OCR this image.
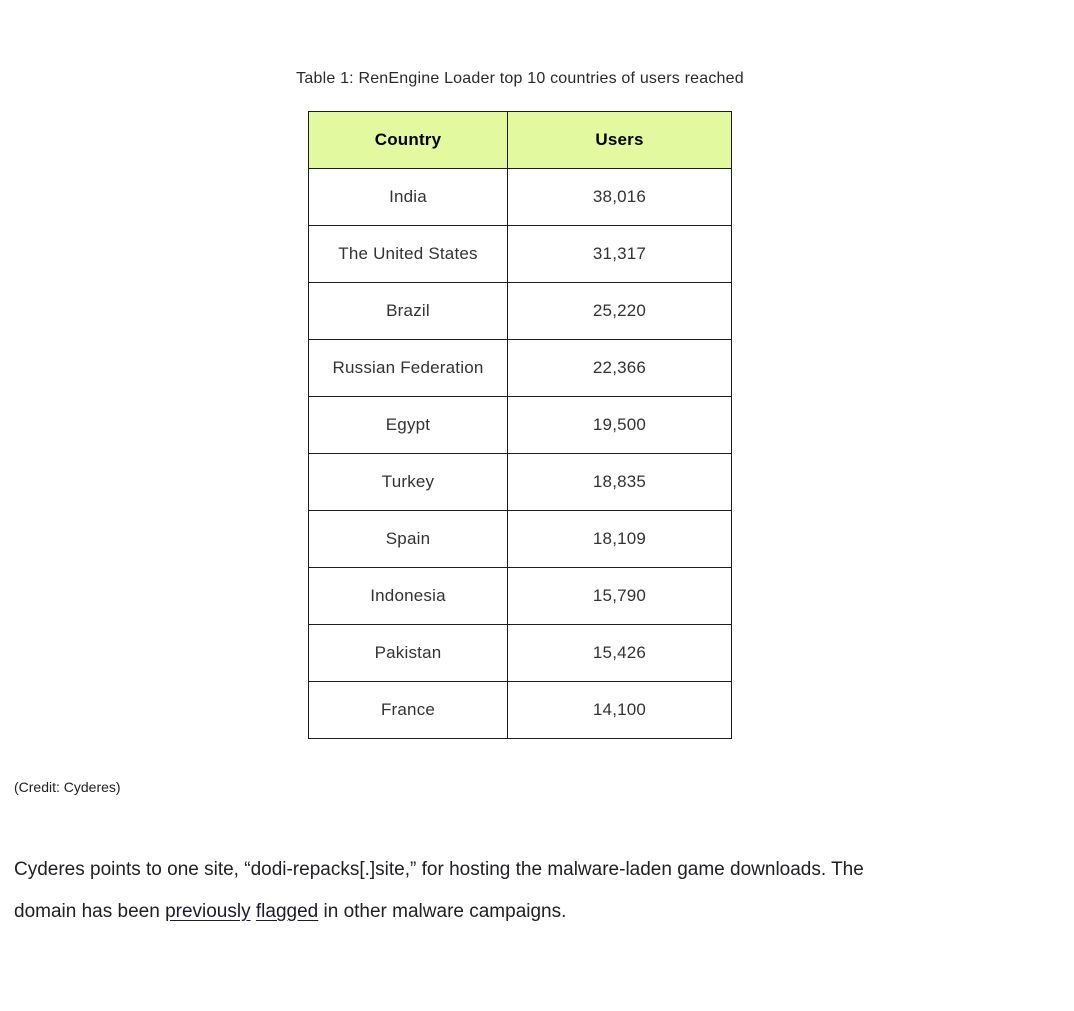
Table 1: RenEngine Loader top 10 countries of users reached
Country	Users
India	38,016
The United States	31,317
Brazil	25,220
Russian Federation	22,366
Egypt	19,500
Turkey	18,835
Spain	18,109
Indonesia	15,790
Pakistan	15,426
France	14,100

(Credit: Cyderes)

Cyderes points to one site, “dodi-repacks[.]site,” for hosting the malware-laden game downloads. The
domain has been previously flagged in other malware campaigns.
